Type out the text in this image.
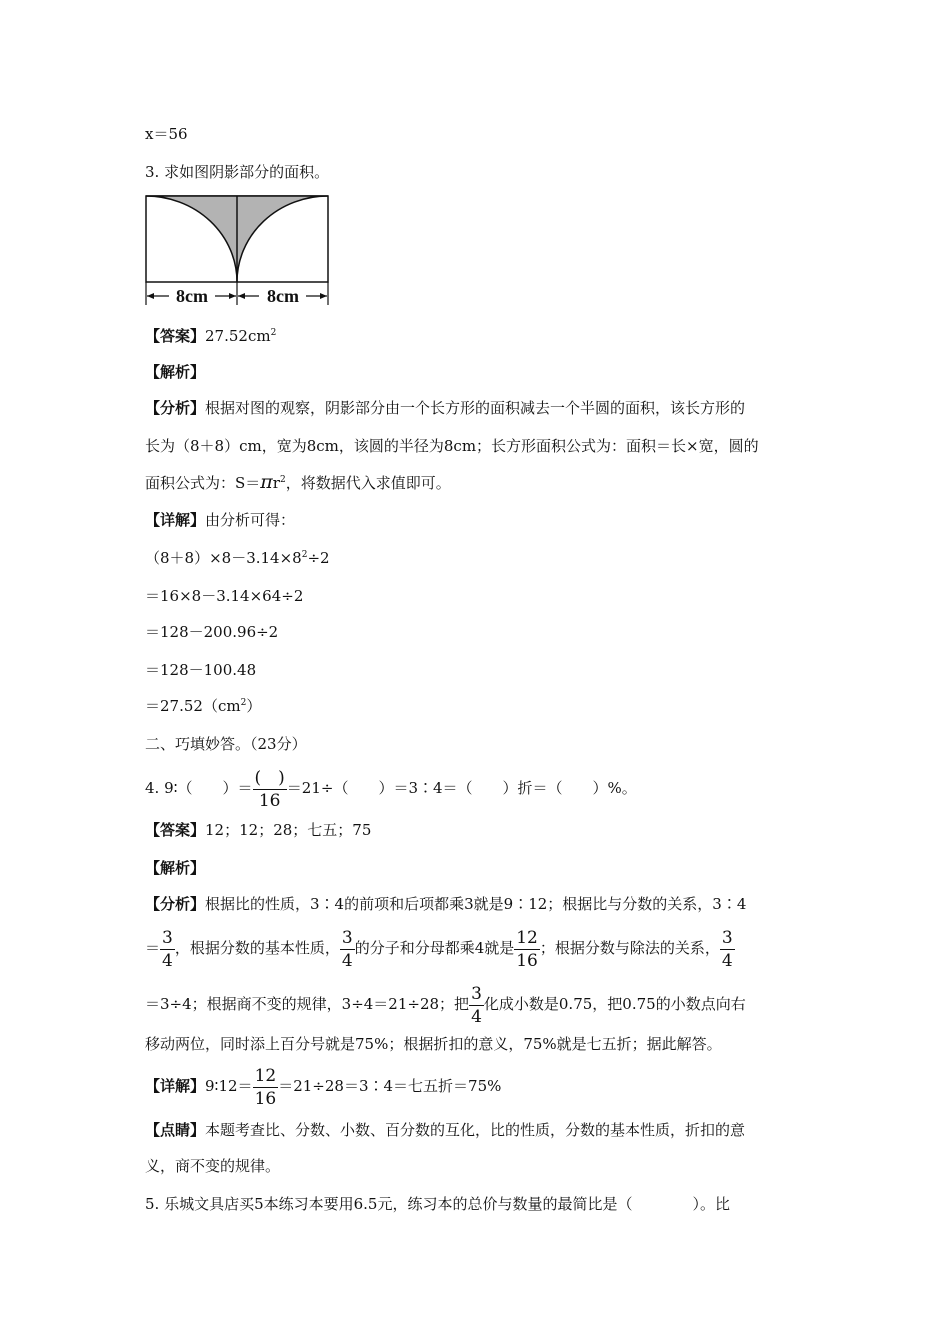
x＝56
3. 求如图阴影部分的面积。
8cm	8cm
【答案】$27.52cm^2$
【解析】
【分析】根据对图的观察，阴影部分由一个长方形的面积减去一个半圆的面积，该长方形的
长为（8＋8）cm，宽为8cm，该圆的半径为8cm；长方形面积公式为：面积＝长×宽，圆的
面积公式为：$S=\pi r^2$，将数据代入求值即可。
【详解】由分析可得：
$(8+8)\times 8-3.14\times 8^2\div 2$
＝16×8－3.14×64÷2
＝128－200.96÷2
＝128－100.48
$=27.52(cm^2)$
二、巧填妙答。（23分）
4. 9∶（　　）＝ $\frac{( )}{16} =21\div$（　　）＝3∶4＝（　　）折＝（　　）%。
【答案】12；12；28；七五；75
【解析】
【分析】根据比的性质，3∶4的前项和后项都乘3就是9∶12；根据比与分数的关系，3∶4
＝ $\frac{3}{4}$ ，根据分数的基本性质， $\frac{3}{4}$ 的分子和分母都乘4就是 $\frac{12}{16}$ ；根据分数与除法的关系， $\frac{3}{4}$
＝3÷4；根据商不变的规律，3÷4＝21÷28；把 $\frac{3}{4}$ 化成小数是0.75，把0.75的小数点向右
移动两位，同时添上百分号就是75%；根据折扣的意义，75%就是七五折；据此解答。
【详解】9∶12＝ $\frac{12}{16}$ ＝21÷28＝3∶4＝七五折＝75%
【点睛】本题考查比、分数、小数、百分数的互化，比的性质，分数的基本性质，折扣的意
义，商不变的规律。
5. 乐城文具店买5本练习本要用6.5元，练习本的总价与数量的最简比是（　　　　）。比
